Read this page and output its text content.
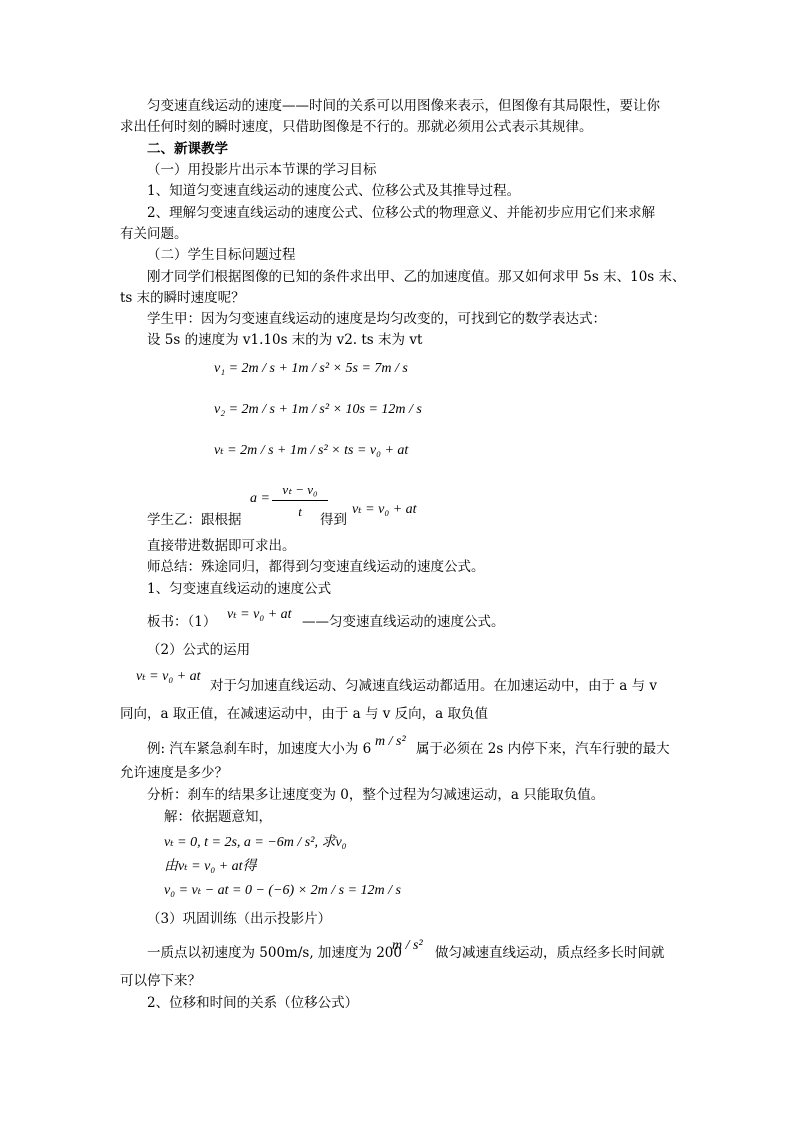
匀变速直线运动的速度——时间的关系可以用图像来表示，但图像有其局限性，要让你
求出任何时刻的瞬时速度，只借助图像是不行的。那就必须用公式表示其规律。
二、新课教学
（一）用投影片出示本节课的学习目标
1、知道匀变速直线运动的速度公式、位移公式及其推导过程。
2、理解匀变速直线运动的速度公式、位移公式的物理意义、并能初步应用它们来求解
有关问题。
（二）学生目标问题过程
刚才同学们根据图像的已知的条件求出甲、乙的加速度值。那又如何求甲 5s 末、10s 末、
ts 末的瞬时速度呢？
学生甲：因为匀变速直线运动的速度是均匀改变的，可找到它的数学表达式：
设 5s 的速度为 v1.10s 末的为 v2. ts 末为 vt
v₁ = 2m / s + 1m / s² × 5s = 7m / s
v₂ = 2m / s + 1m / s² × 10s = 12m / s
vₜ = 2m / s + 1m / s² × ts = v₀ + at
学生乙：跟根据
a =
vₜ − v₀
t
得到
vₜ = v₀ + at
直接带进数据即可求出。
师总结：殊途同归，都得到匀变速直线运动的速度公式。
1、匀变速直线运动的速度公式
板书：（1） vₜ = v₀ + at ——匀变速直线运动的速度公式。
（2）公式的运用
vₜ = v₀ + at
对于匀加速直线运动、匀减速直线运动都适用。在加速运动中，由于 a 与 v
同向，a 取正值，在减速运动中，由于 a 与 v 反向，a 取负值
例: 汽车紧急刹车时，加速度大小为 6 m / s² 属于必须在 2s 内停下来，汽车行驶的最大
允许速度是多少？
分析：刹车的结果多让速度变为 0，整个过程为匀减速运动，a 只能取负值。
解：依据题意知，
vₜ = 0, t = 2s, a = −6m / s², 求v₀
由vₜ = v₀ + at得
v₀ = vₜ − at = 0 − (−6) × 2m / s = 12m / s
（3）巩固训练（出示投影片）
一质点以初速度为 500m/s, 加速度为 200
m / s² 做匀减速直线运动，质点经多长时间就
可以停下来？
2、位移和时间的关系（位移公式）
